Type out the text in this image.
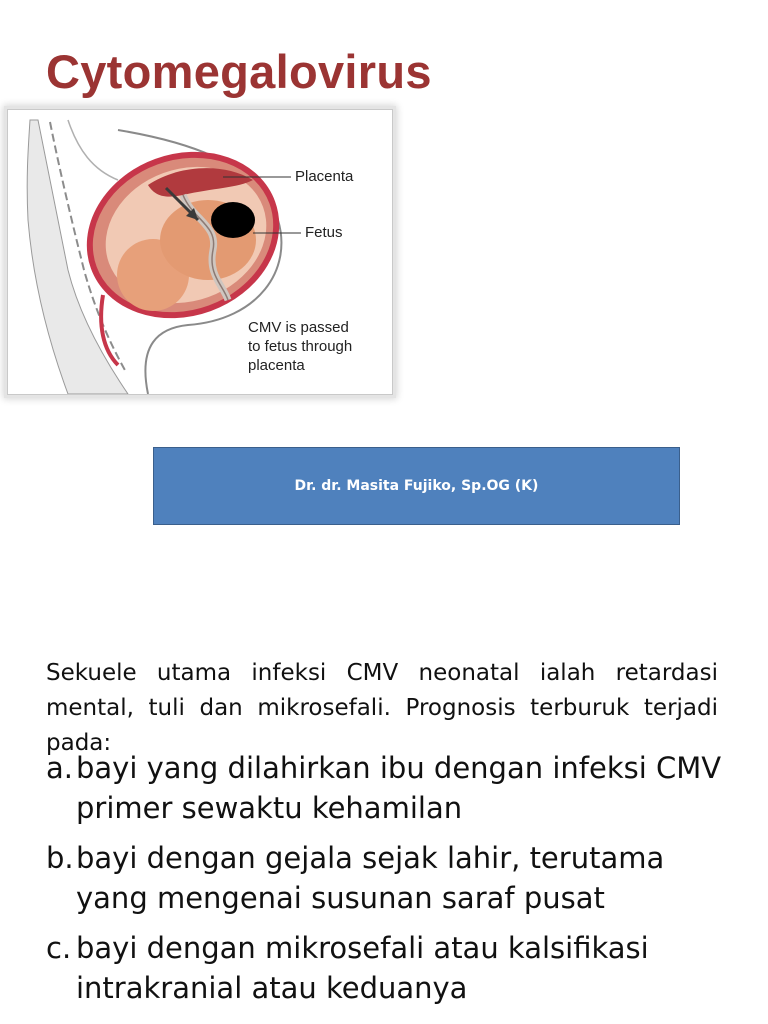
Cytomegalovirus
Placenta
Fetus
CMV is passed
to fetus through
placenta
Dr. dr. Masita Fujiko, Sp.OG (K)
Sekuele utama infeksi CMV neonatal ialah retardasi mental, tuli dan mikrosefali. Prognosis terburuk terjadi pada:
a. bayi yang dilahirkan ibu dengan infeksi CMV primer sewaktu kehamilan
b. bayi dengan gejala sejak lahir, terutama yang mengenai susunan saraf pusat
c. bayi dengan mikrosefali atau kalsifikasi intrakranial atau keduanya
